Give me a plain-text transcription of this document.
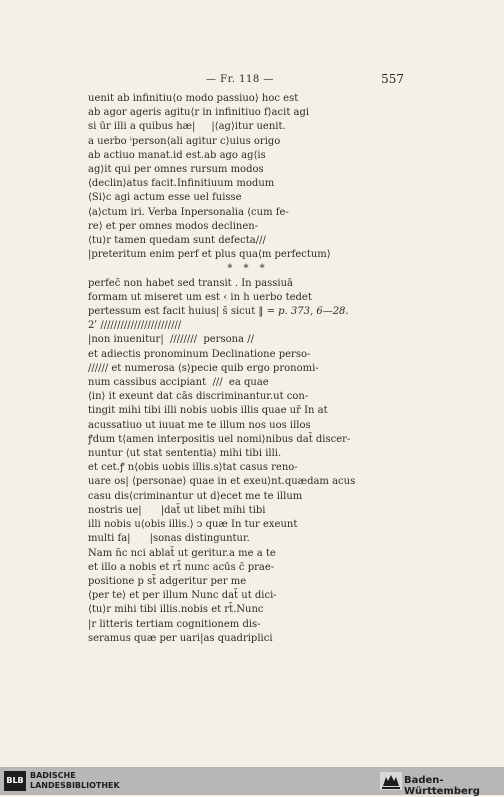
— Fr. 118 —	557
uenit ab infinitiu⟨o modo passiuo⟩ hoc est
ab agor ageris agitu⟨r in infinitiuo f⟩acit agi
si ūr illi a quibus hæ|     |⟨ag⟩itur uenit.
a uerbo ⁱperson⟨ali agitur c⟩uius origo
ab actiuo manat.id est.ab ago ag⟨is
ag⟩it qui per omnes rursum modos
⟨declin⟩atus facit.Infinitiuum modum
⟨Si⟩c agi actum esse uel fuisse
⟨a⟩ctum iri. Verba Inpersonalia ⟨cum fe-
re⟩ et per omnes modos declinen-
⟨tu⟩r tamen quedam sunt defecta///
|preteritum enim perf et plus qua⟨m perfectum⟩
* * *
perfec̄ non habet sed transit . In passiuā
formam ut miseret um est ‹ in h uerbo tedet
pertessum est facit huius| s̄ sicut ‖ = p. 373, 6—28.
2ʹ ////////////////////////
|non inuenitur|  ////////  persona //
et adiectis pronominum Declinatione perso-
////// et numerosa ⟨s⟩pecie quib ergo pronomi-
num cassibus accipiant  ///  ea quae
⟨in⟩ it exeunt dat cās discriminantur.ut con-
tingit mihi tibi illi nobis uobis illis quae ur̄ In at
acussatiuo ut iuuat me te illum nos uos illos
ꝭdum t⟨amen interpositis uel nomi⟩nibus dat̄ discer-
nuntur ⟨ut stat sententia⟩ mihi tibi illi.
et cet.ꝭ n⟨obis uobis illis.s⟩tat casus reno-
uare os| ⟨personae⟩ quae in et exeu⟩nt.quædam acus
casu dis⟨criminantur ut d⟩ecet me te illum
nostris ue|      |dat̄ ut libet mihi tibi
illi nobis u⟨obis illis.⟩ ͻ quæ In tur exeunt
multi fa|      |sonas distinguntur.
Nam n̄c nci ablat̄ ut geritur.a me a te
et illo a nobis et rt̄ nunc acūs c̄ prae-
positione p st̄ adgeritur per me
⟨per te⟩ et per illum Nunc dat̄ ut dici-
⟨tu⟩r mihi tibi illis.nobis et rt̄.Nunc
|r litteris tertiam cognitionem dis-
seramus quæ per uari|as quadriplici
BLB
BADISCHE
LANDESBIBLIOTHEK	Baden-Württemberg
